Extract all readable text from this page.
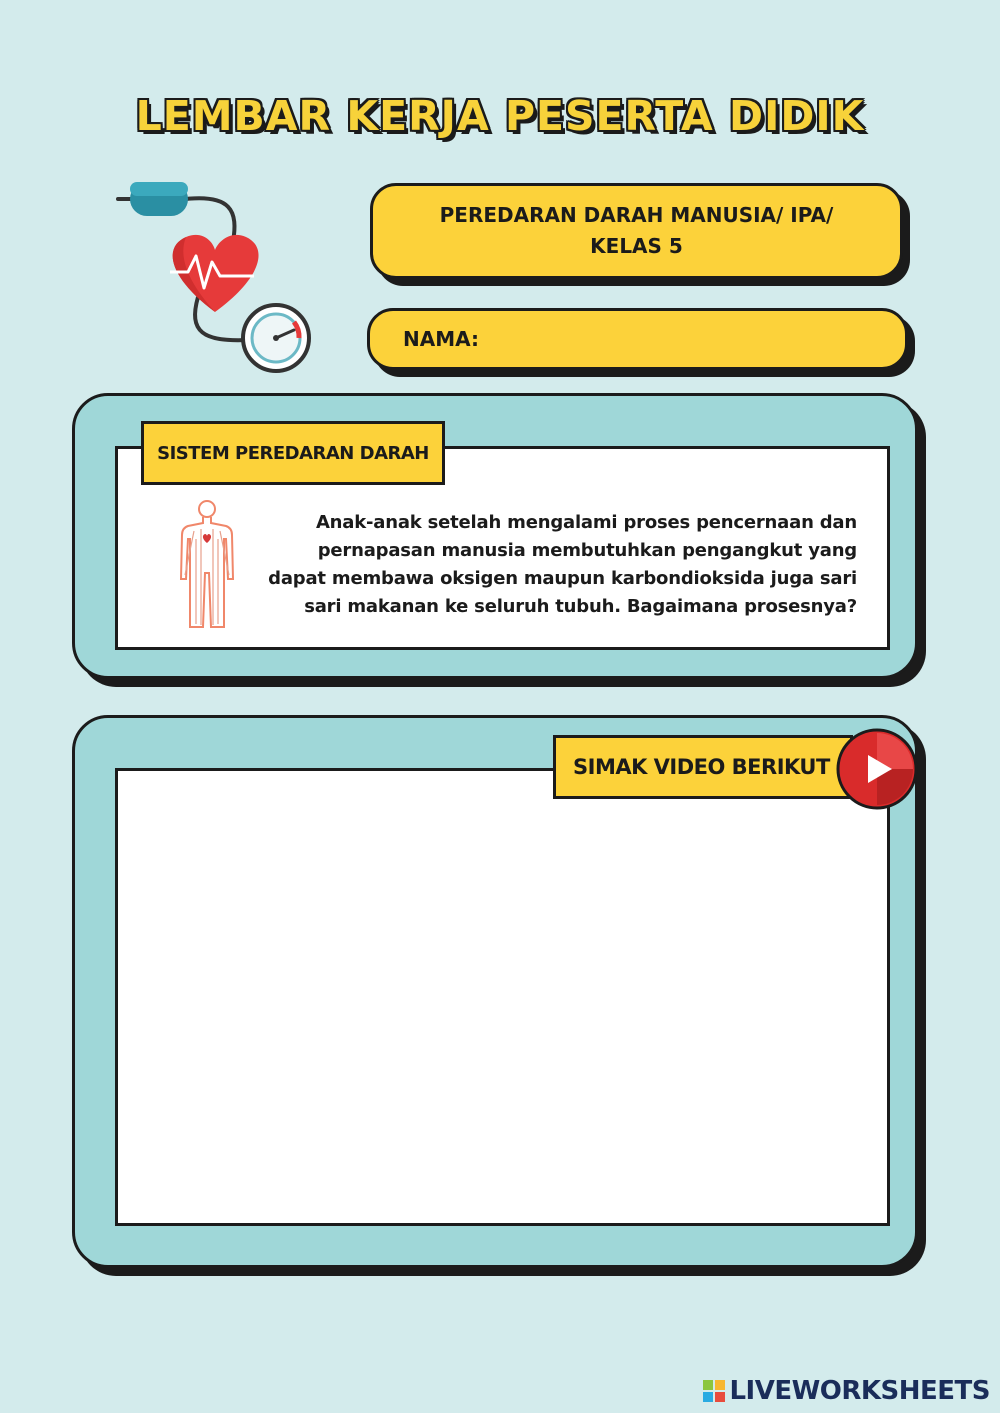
LEMBAR KERJA PESERTA DIDIK
PEREDARAN DARAH MANUSIA/ IPA/
KELAS 5
NAMA:
Anak-anak setelah mengalami proses pencernaan dan
pernapasan manusia membutuhkan pengangkut yang
dapat membawa oksigen maupun karbondioksida juga sari
sari makanan ke seluruh tubuh. Bagaimana prosesnya?
SISTEM PEREDARAN DARAH
SIMAK VIDEO BERIKUT
LIVEWORKSHEETS
